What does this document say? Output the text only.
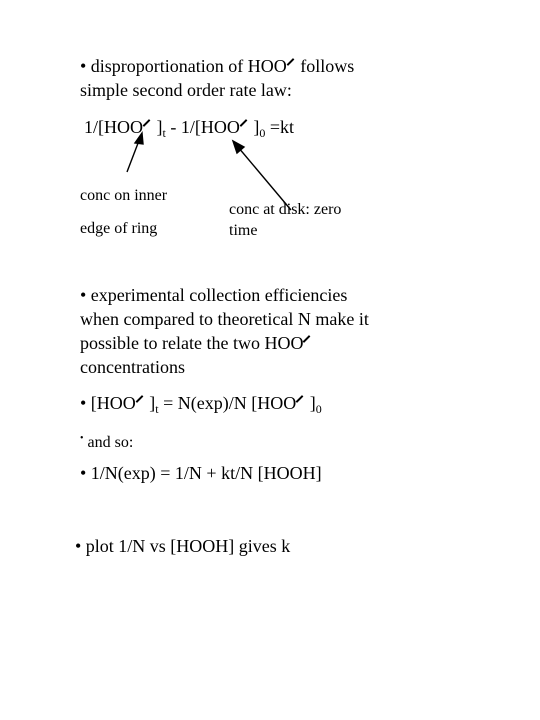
• disproportionation of HOO follows
simple second order rate law:
1/[HOO ]$_t - 1/[HOO$ ]$_0 =kt$
conc on inner
edge of ring
conc at disk: zero
time
• experimental collection efficiencies
when compared to theoretical N make it
possible to relate the two HOO
concentrations
• [HOO ]$_t = N(\exp)/N$ [HOO ]$_0$
• and so:
• 1/N(exp) = 1/N + kt/N [HOOH]
• plot 1/N vs [HOOH] gives k
